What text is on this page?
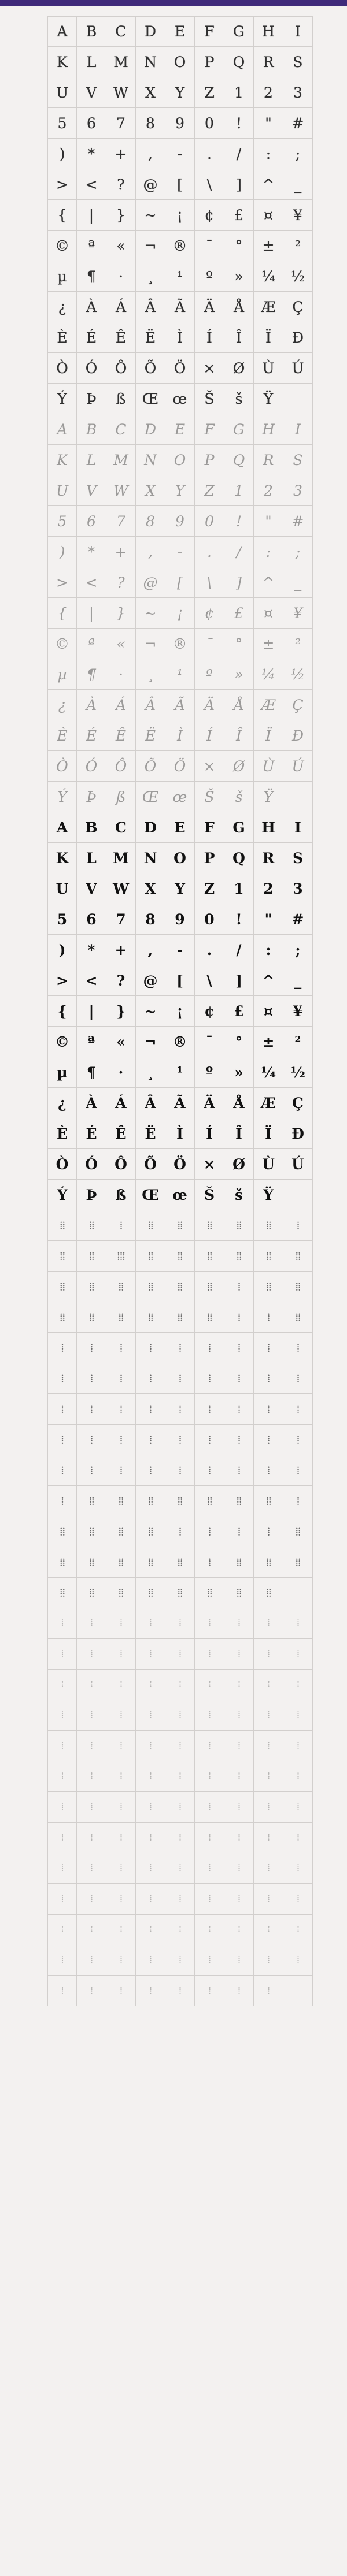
A	B	C	D	E	F	G	H	I
K	L	M	N	O	P	Q	R	S
U	V	W	X	Y	Z	1	2	3
5	6	7	8	9	0	!	"	#
)	*	+	,	-	.	/	:	;
>	<	?	@	[	\	]	^	_
{	|	}	~	¡	¢	£	¤	¥
©	ª	«	¬	®	¯	°	±	²
µ	¶	·	¸	¹	º	»	¼	½
¿	À	Á	Â	Ã	Ä	Å	Æ	Ç
È	É	Ê	Ë	Ì	Í	Î	Ï	Ð
Ò	Ó	Ô	Õ	Ö	×	Ø	Ù	Ú
Ý	Þ	ß	Œ œ	Š	š	Ÿ
A	B	C	D	E	F	G	H	I
K	L	M	N	O	P	Q	R	S
U	V	W	X	Y	Z	1	2	3
5	6	7	8	9	0	!	"	#
)	*	+	,	-	.	/	:	;
>	<	?	@	[	\	]	^	_
{	|	}	~	¡	¢	£	¤	¥
©	ª	«	¬	®	¯	°	±	²
µ	¶	·	¸	¹	º	»	¼	½
¿	À	Á	Â	Ã	Ä	Å	Æ	Ç
È	É	Ê	Ë	Ì	Í	Î	Ï	Ð
Ò	Ó	Ô	Õ	Ö	×	Ø	Ù	Ú
Ý	Þ	ß	Œ œ	Š	š	Ÿ
A	B	C	D	E	F	G	H	I
K	L	M	N	O	P	Q	R	S
U	V	W	X	Y	Z	1	2	3
5	6	7	8	9	0	!	"	#
)	*	+	,	-	.	/	:	;
>	<	?	@	[	\	]	^	_
{	|	}	~	¡	¢	£	¤	¥
©	ª	«	¬	®	¯	°	±	²
µ	¶	·	¸	¹	º	»	¼ ½
¿	À	Á	Â	Ã	Ä	Å	Æ	Ç
È	É	Ê	Ë	Ì	Í	Î	Ï	Ð
Ò	Ó	Ô	Õ	Ö	×	Ø	Ù	Ú
Ý	Þ	ß	Œ œ	Š	š	Ÿ
⁞⁞	⁞⁞	⁞	⁞⁞	⁞⁞	⁞⁞	⁞⁞	⁞⁞	⁞
⁞⁞	⁞⁞	⁞⁞⁞	⁞⁞	⁞⁞	⁞⁞	⁞⁞	⁞⁞	⁞⁞
⁞⁞	⁞⁞	⁞⁞	⁞⁞	⁞⁞	⁞⁞	⁞	⁞⁞	⁞⁞
⁞⁞	⁞⁞	⁞⁞	⁞⁞	⁞⁞	⁞⁞	⁞	⁞	⁞⁞
⁞	⁞	⁞	⁞	⁞	⁞	⁞	⁞	⁞
⁞	⁞	⁞	⁞	⁞	⁞	⁞	⁞	⁞
⁞	⁞	⁞	⁞	⁞	⁞	⁞	⁞	⁞
⁞	⁞	⁞	⁞	⁞	⁞	⁞	⁞	⁞
⁞	⁞	⁞	⁞	⁞	⁞	⁞	⁞	⁞
⁞	⁞⁞	⁞⁞	⁞⁞	⁞⁞	⁞⁞	⁞⁞	⁞⁞	⁞
⁞⁞	⁞⁞	⁞⁞	⁞⁞	⁞	⁞	⁞	⁞	⁞⁞
⁞⁞	⁞⁞	⁞⁞	⁞⁞	⁞⁞	⁞	⁞⁞	⁞⁞	⁞⁞
⁞⁞	⁞⁞	⁞⁞	⁞⁞	⁞⁞	⁞⁞	⁞⁞	⁞⁞
⁞	⁞	⁞	⁞	⁞	⁞	⁞	⁞	⁞
⁞	⁞	⁞	⁞	⁞	⁞	⁞	⁞	⁞
⁞	⁞	⁞	⁞	⁞	⁞	⁞	⁞	⁞
⁞	⁞	⁞	⁞	⁞	⁞	⁞	⁞	⁞
⁞	⁞	⁞	⁞	⁞	⁞	⁞	⁞	⁞
⁞	⁞	⁞	⁞	⁞	⁞	⁞	⁞	⁞
⁞	⁞	⁞	⁞	⁞	⁞	⁞	⁞	⁞
⁞	⁞	⁞	⁞	⁞	⁞	⁞	⁞	⁞
⁞	⁞	⁞	⁞	⁞	⁞	⁞	⁞	⁞
⁞	⁞	⁞	⁞	⁞	⁞	⁞	⁞	⁞
⁞	⁞	⁞	⁞	⁞	⁞	⁞	⁞	⁞
⁞	⁞	⁞	⁞	⁞	⁞	⁞	⁞	⁞
⁞	⁞	⁞	⁞	⁞	⁞	⁞	⁞
